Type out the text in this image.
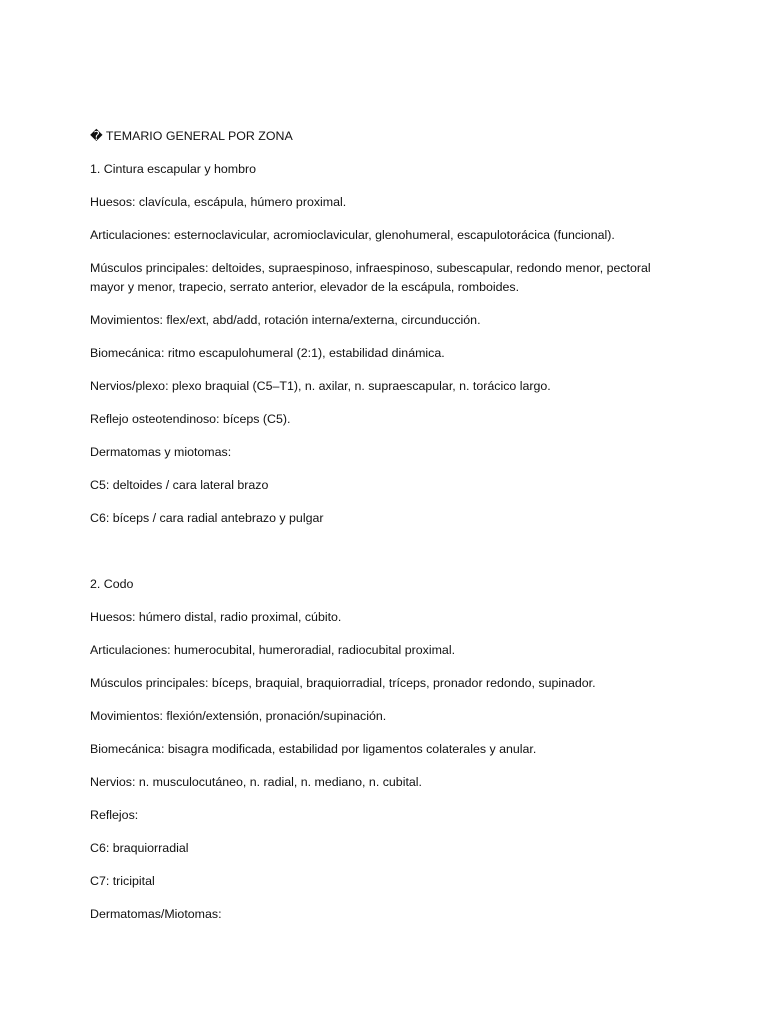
� TEMARIO GENERAL POR ZONA

1. Cintura escapular y hombro

Huesos: clavícula, escápula, húmero proximal.

Articulaciones: esternoclavicular, acromioclavicular, glenohumeral, escapulotorácica (funcional).

Músculos principales: deltoides, supraespinoso, infraespinoso, subescapular, redondo menor, pectoral mayor y menor, trapecio, serrato anterior, elevador de la escápula, romboides.

Movimientos: flex/ext, abd/add, rotación interna/externa, circunducción.

Biomecánica: ritmo escapulohumeral (2:1), estabilidad dinámica.

Nervios/plexo: plexo braquial (C5–T1), n. axilar, n. supraescapular, n. torácico largo.

Reflejo osteotendinoso: bíceps (C5).

Dermatomas y miotomas:

C5: deltoides / cara lateral brazo

C6: bíceps / cara radial antebrazo y pulgar

2. Codo

Huesos: húmero distal, radio proximal, cúbito.

Articulaciones: humerocubital, humeroradial, radiocubital proximal.

Músculos principales: bíceps, braquial, braquiorradial, tríceps, pronador redondo, supinador.

Movimientos: flexión/extensión, pronación/supinación.

Biomecánica: bisagra modificada, estabilidad por ligamentos colaterales y anular.

Nervios: n. musculocutáneo, n. radial, n. mediano, n. cubital.

Reflejos:

C6: braquiorradial

C7: tricipital

Dermatomas/Miotomas:
